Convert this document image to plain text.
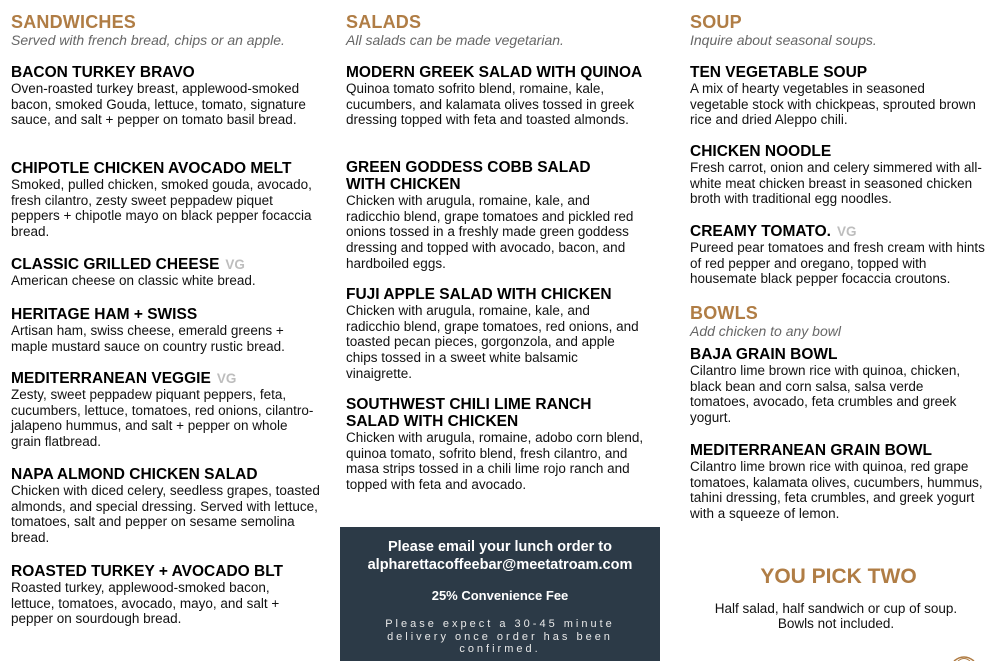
SANDWICHES
Served with french bread, chips or an apple.
BACON TURKEY BRAVO
Oven-roasted turkey breast, applewood-smoked bacon, smoked Gouda, lettuce, tomato, signature sauce, and salt + pepper on tomato basil bread.
CHIPOTLE CHICKEN AVOCADO MELT
Smoked, pulled chicken, smoked gouda, avocado, fresh cilantro, zesty sweet peppadew piquet peppers + chipotle mayo on black pepper focaccia bread.
CLASSIC GRILLED CHEESE VG
American cheese on classic white bread.
HERITAGE HAM + SWISS
Artisan ham, swiss cheese, emerald greens + maple mustard sauce on country rustic bread.
MEDITERRANEAN VEGGIE VG
Zesty, sweet peppadew piquant peppers, feta, cucumbers, lettuce, tomatoes, red onions, cilantro-jalapeno hummus, and salt + pepper on whole grain flatbread.
NAPA ALMOND CHICKEN SALAD
Chicken with diced celery, seedless grapes, toasted almonds, and special dressing. Served with lettuce, tomatoes, salt and pepper on sesame semolina bread.
ROASTED TURKEY + AVOCADO BLT
Roasted turkey, applewood-smoked bacon, lettuce, tomatoes, avocado, mayo, and salt + pepper on sourdough bread.
SALADS
All salads can be made vegetarian.
MODERN GREEK SALAD WITH QUINOA
Quinoa tomato sofrito blend, romaine, kale, cucumbers, and kalamata olives tossed in greek dressing topped with feta and toasted almonds.
GREEN GODDESS COBB SALAD WITH CHICKEN
Chicken with arugula, romaine, kale, and radicchio blend, grape tomatoes and pickled red onions tossed in a freshly made green goddess dressing and topped with avocado, bacon, and hardboiled eggs.
FUJI APPLE SALAD WITH CHICKEN
Chicken with arugula, romaine, kale, and radicchio blend, grape tomatoes, red onions, and toasted pecan pieces, gorgonzola, and apple chips tossed in a sweet white balsamic vinaigrette.
SOUTHWEST CHILI LIME RANCH SALAD WITH CHICKEN
Chicken with arugula, romaine, adobo corn blend, quinoa tomato, sofrito blend, fresh cilantro, and masa strips tossed in a chili lime rojo ranch and topped with feta and avocado.
SOUP
Inquire about seasonal soups.
TEN VEGETABLE SOUP
A mix of hearty vegetables in seasoned vegetable stock with chickpeas, sprouted brown rice and dried Aleppo chili.
CHICKEN NOODLE
Fresh carrot, onion and celery simmered with all-white meat chicken breast in seasoned chicken broth with traditional egg noodles.
CREAMY TOMATO. VG
Pureed pear tomatoes and fresh cream with hints of red pepper and oregano, topped with housemate black pepper focaccia croutons.
BOWLS
Add chicken to any bowl
BAJA GRAIN BOWL
Cilantro lime brown rice with quinoa, chicken, black bean and corn salsa, salsa verde tomatoes, avocado, feta crumbles and greek yogurt.
MEDITERRANEAN GRAIN BOWL
Cilantro lime brown rice with quinoa, red grape tomatoes, kalamata olives, cucumbers, hummus, tahini dressing, feta crumbles, and greek yogurt with a squeeze of lemon.
Please email your lunch order to
alpharettacoffeebar@meetatroam.com
25% Convenience Fee
Please expect a 30-45 minute delivery once order has been confirmed.
YOU PICK TWO
Half salad, half sandwich or cup of soup. Bowls not included.
